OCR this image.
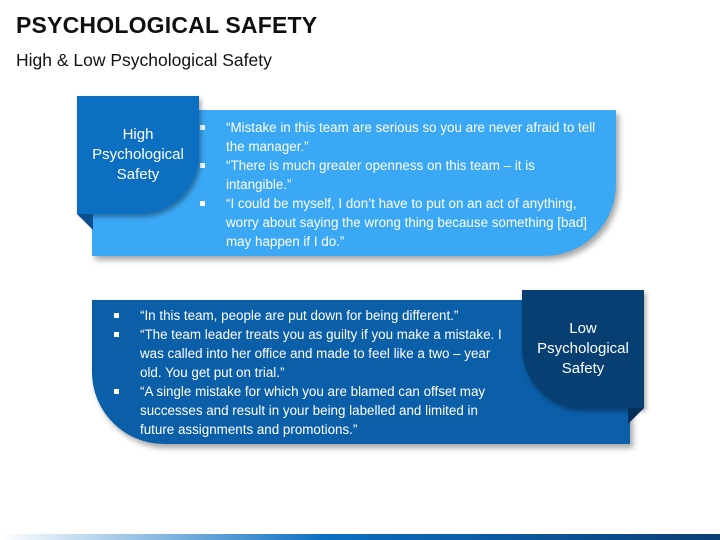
PSYCHOLOGICAL SAFETY
High & Low Psychological Safety
“Mistake in this team are serious so you are never afraid to tell the manager.”
“There is much greater openness on this team – it is intangible.”
“I could be myself, I don’t have to put on an act of anything, worry about saying the wrong thing because something [bad] may happen if I do.”
High
Psychological
Safety
“In this team, people are put down for being different.”
“The team leader treats you as guilty if you make a mistake. I was called into her office and made to feel like a two – year old. You get put on trial.”
“A single mistake for which you are blamed can offset may successes and result in your being labelled and limited in future assignments and promotions.”
Low
Psychological
Safety
